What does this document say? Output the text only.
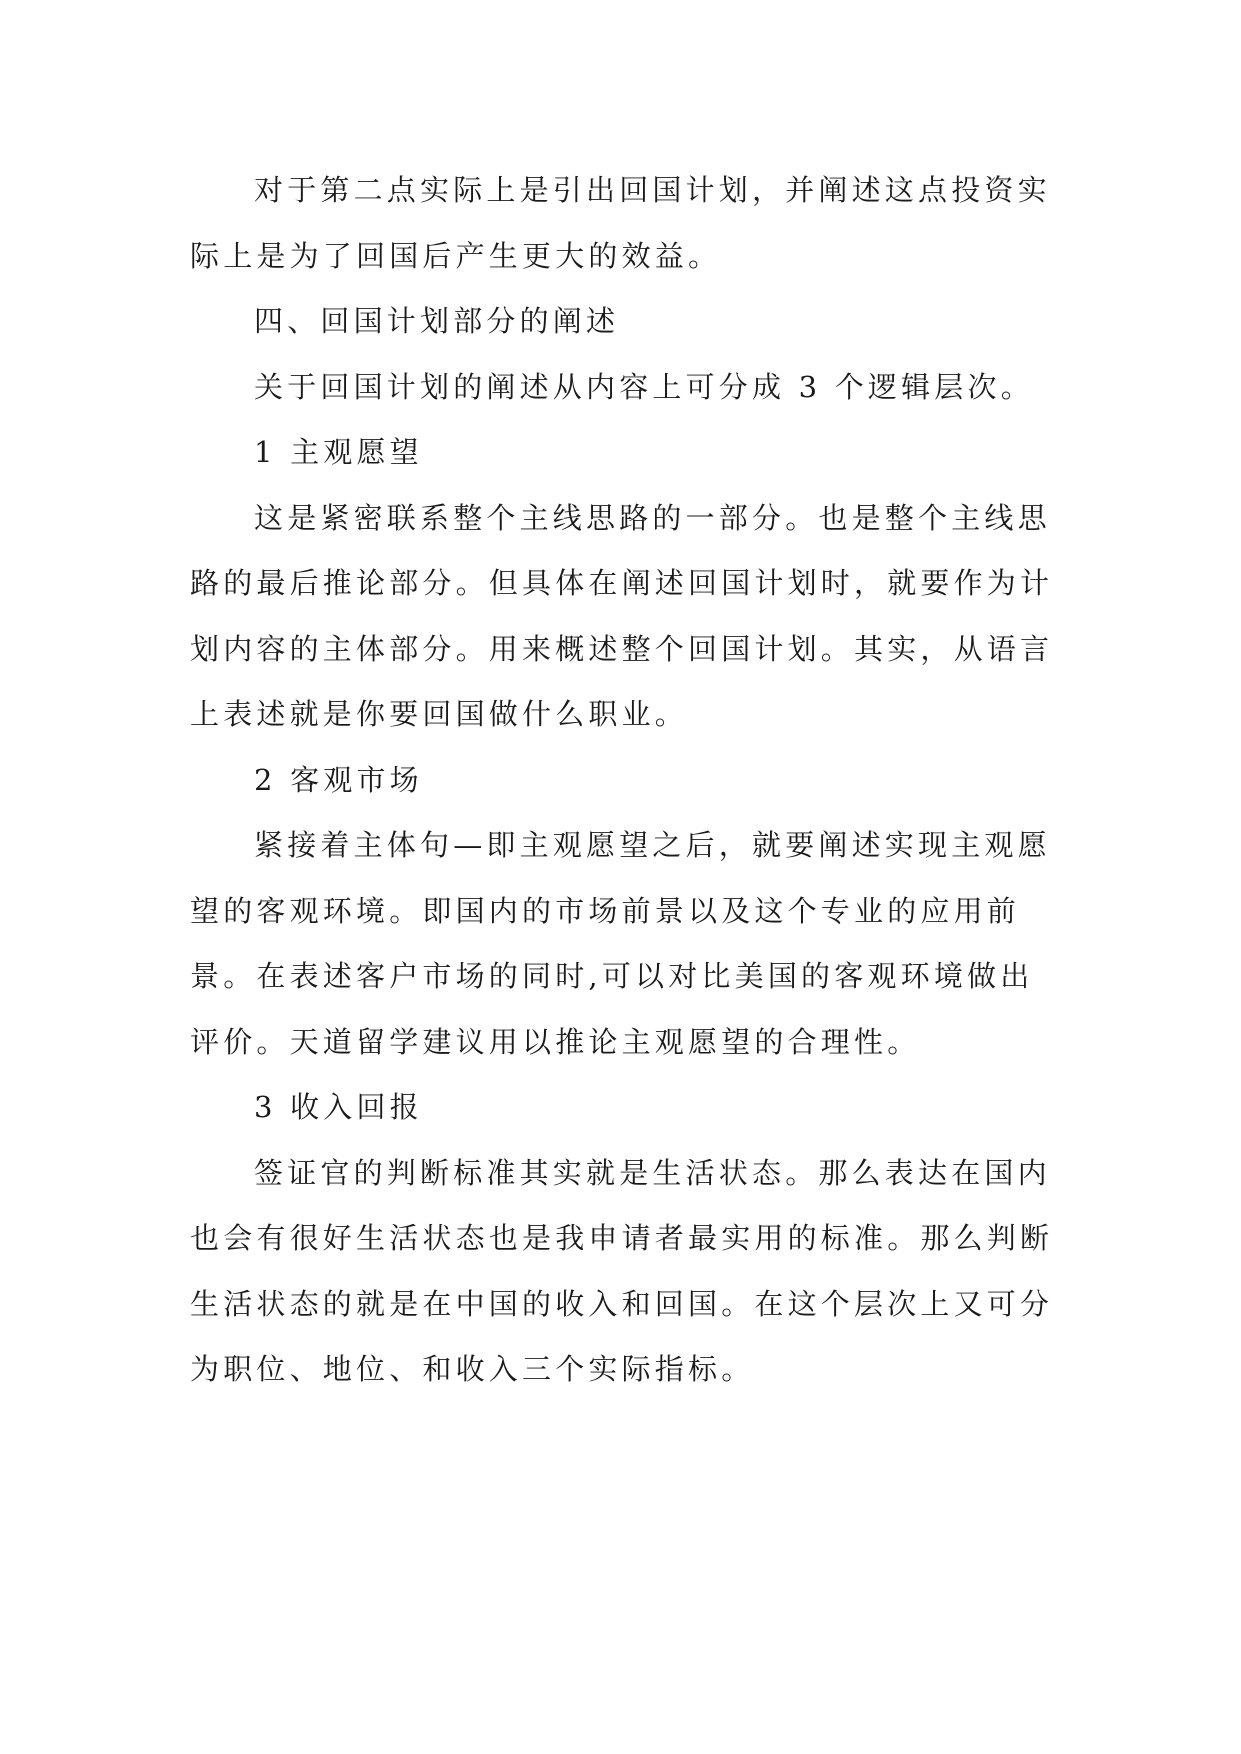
对于第二点实际上是引出回国计划，并阐述这点投资实际上是为了回国后产生更大的效益。

四、回国计划部分的阐述

关于回国计划的阐述从内容上可分成 3 个逻辑层次。

1 主观愿望

这是紧密联系整个主线思路的一部分。也是整个主线思路的最后推论部分。但具体在阐述回国计划时，就要作为计划内容的主体部分。用来概述整个回国计划。其实，从语言上表述就是你要回国做什么职业。

2 客观市场

紧接着主体句—即主观愿望之后，就要阐述实现主观愿望的客观环境。即国内的市场前景以及这个专业的应用前景。在表述客户市场的同时,可以对比美国的客观环境做出评价。天道留学建议用以推论主观愿望的合理性。

3 收入回报

签证官的判断标准其实就是生活状态。那么表达在国内也会有很好生活状态也是我申请者最实用的标准。那么判断生活状态的就是在中国的收入和回国。在这个层次上又可分为职位、地位、和收入三个实际指标。
